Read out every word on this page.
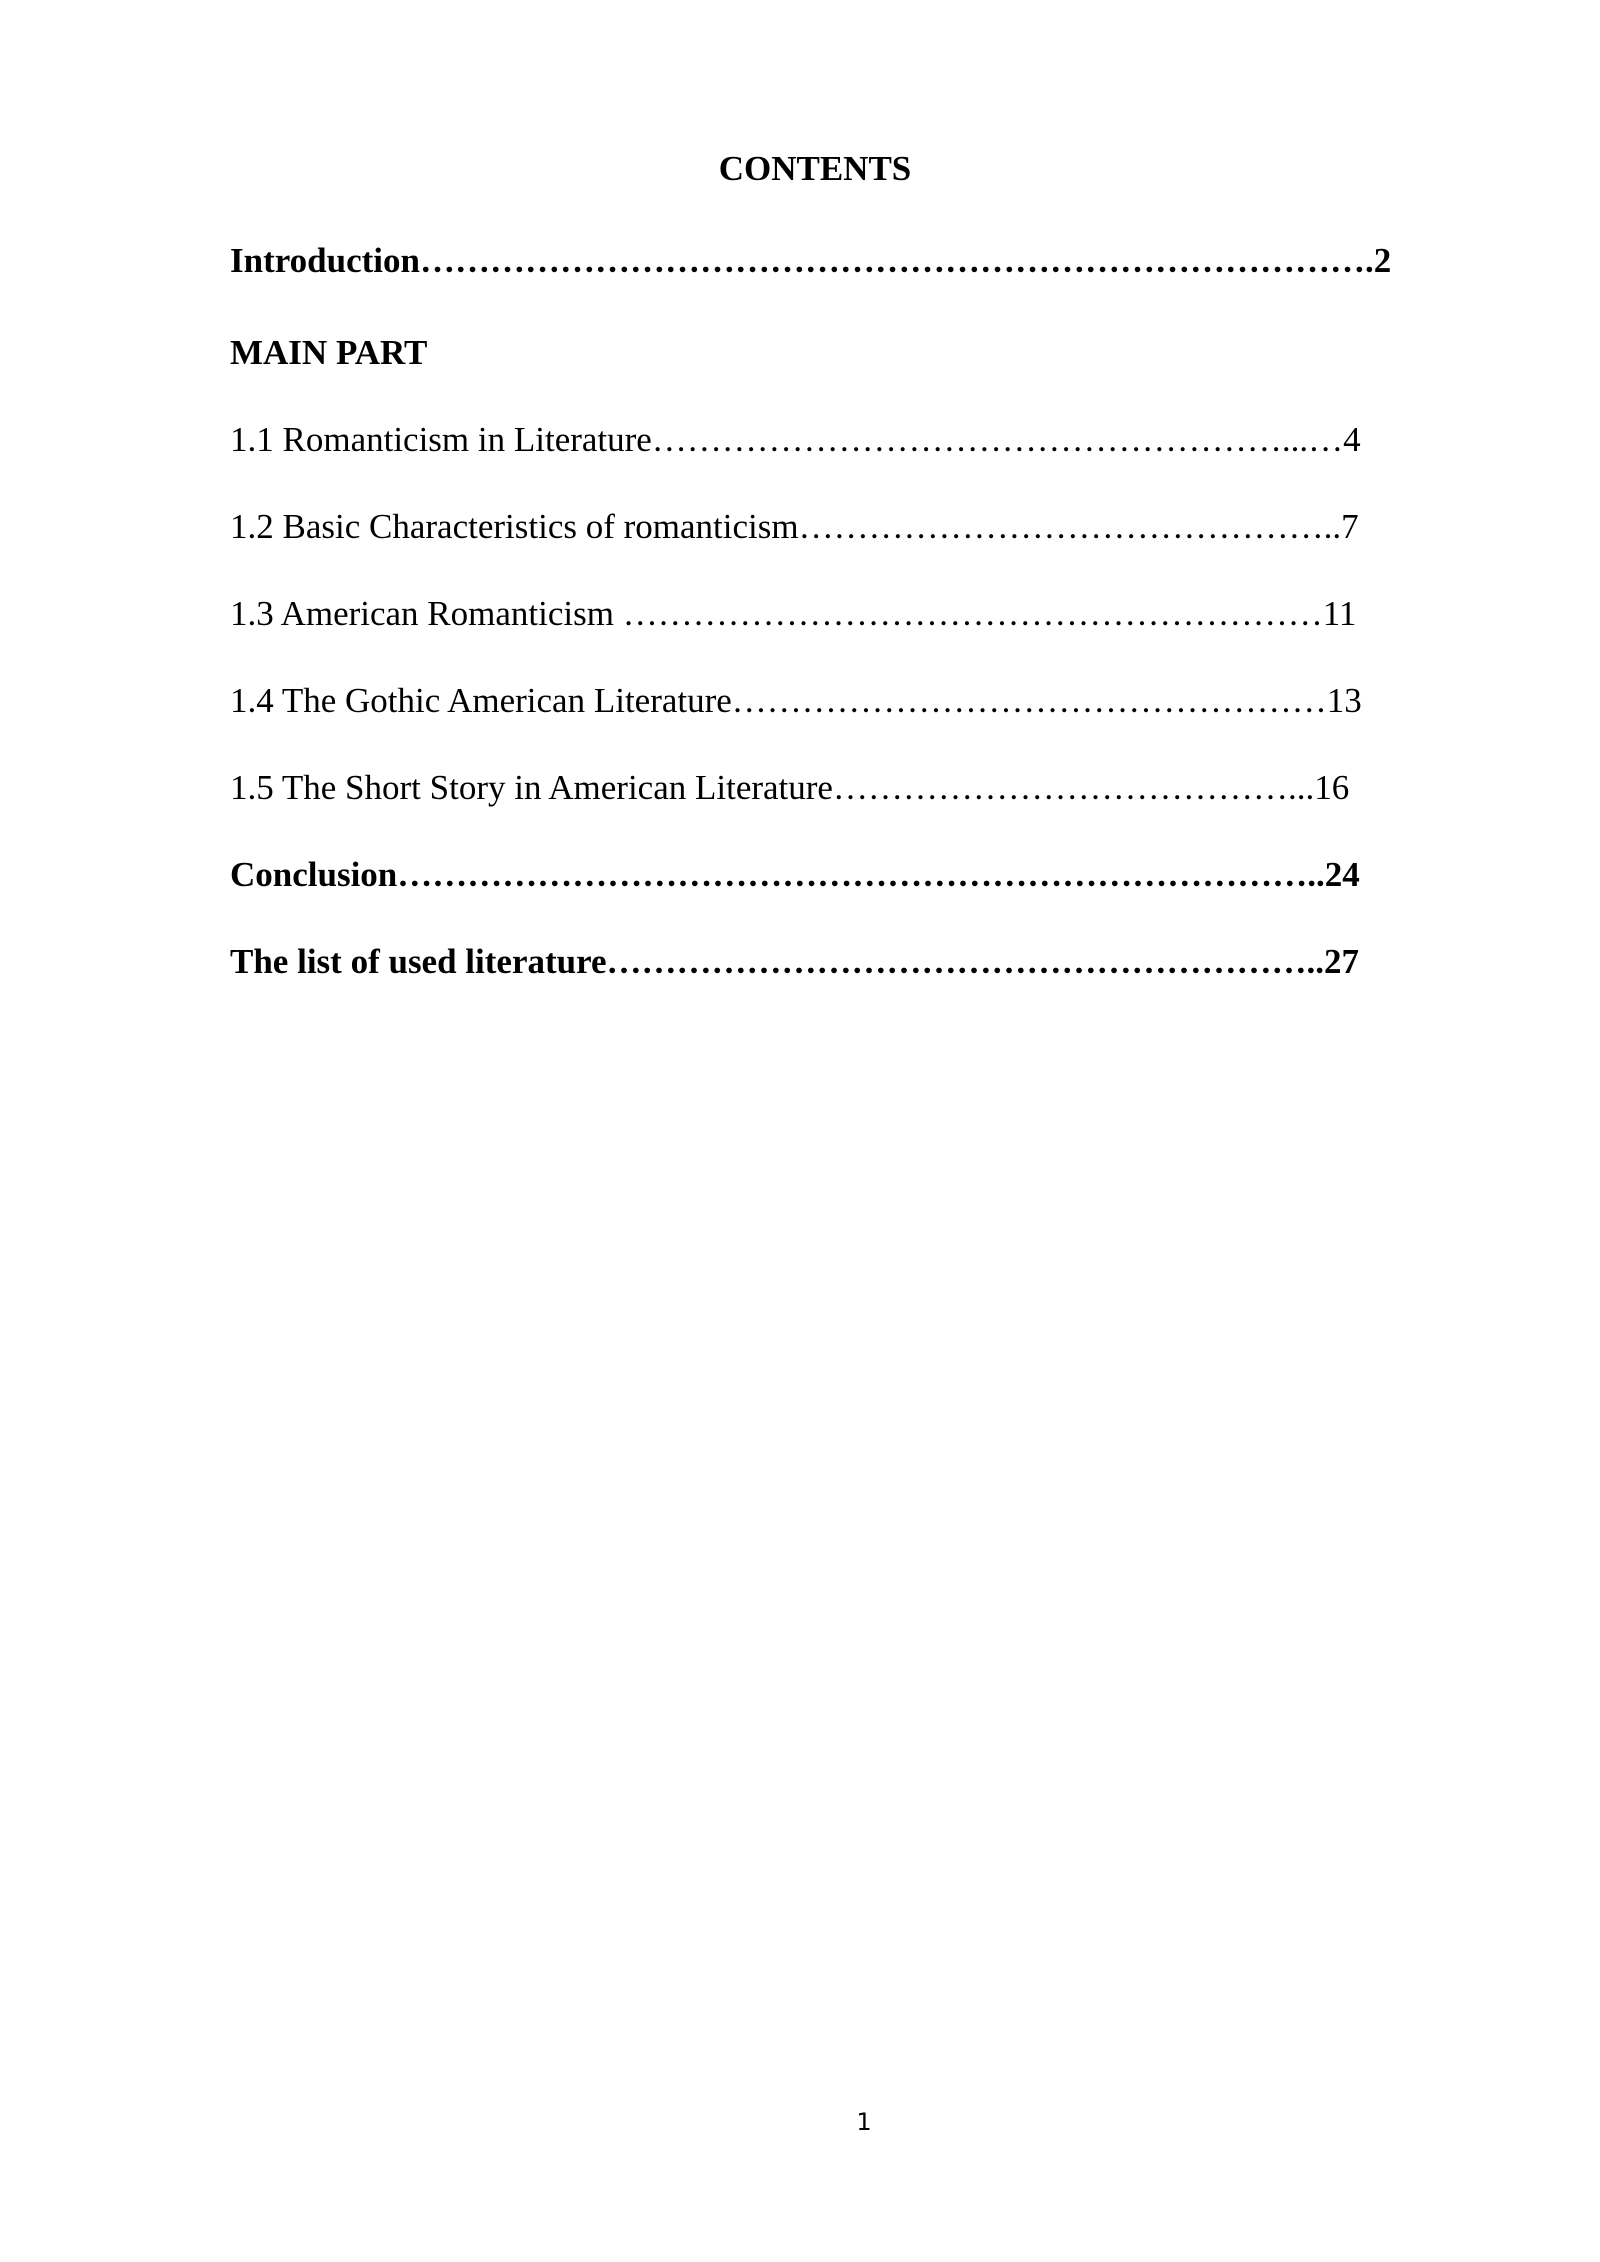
CONTENTS
Introduction……………………………………………………………………….2
MAIN PART
1.1 Romanticism in Literature………………………………………………...…4
1.2 Basic Characteristics of romanticism………………………………………..7
1.3 American Romanticism ……………………………………………………11
1.4 The Gothic American Literature……………………………………………13
1.5 The Short Story in American Literature…………………………………...16
Conclusion……………………………………………………………………..24
The list of used literature……………………………………………………..27
1
